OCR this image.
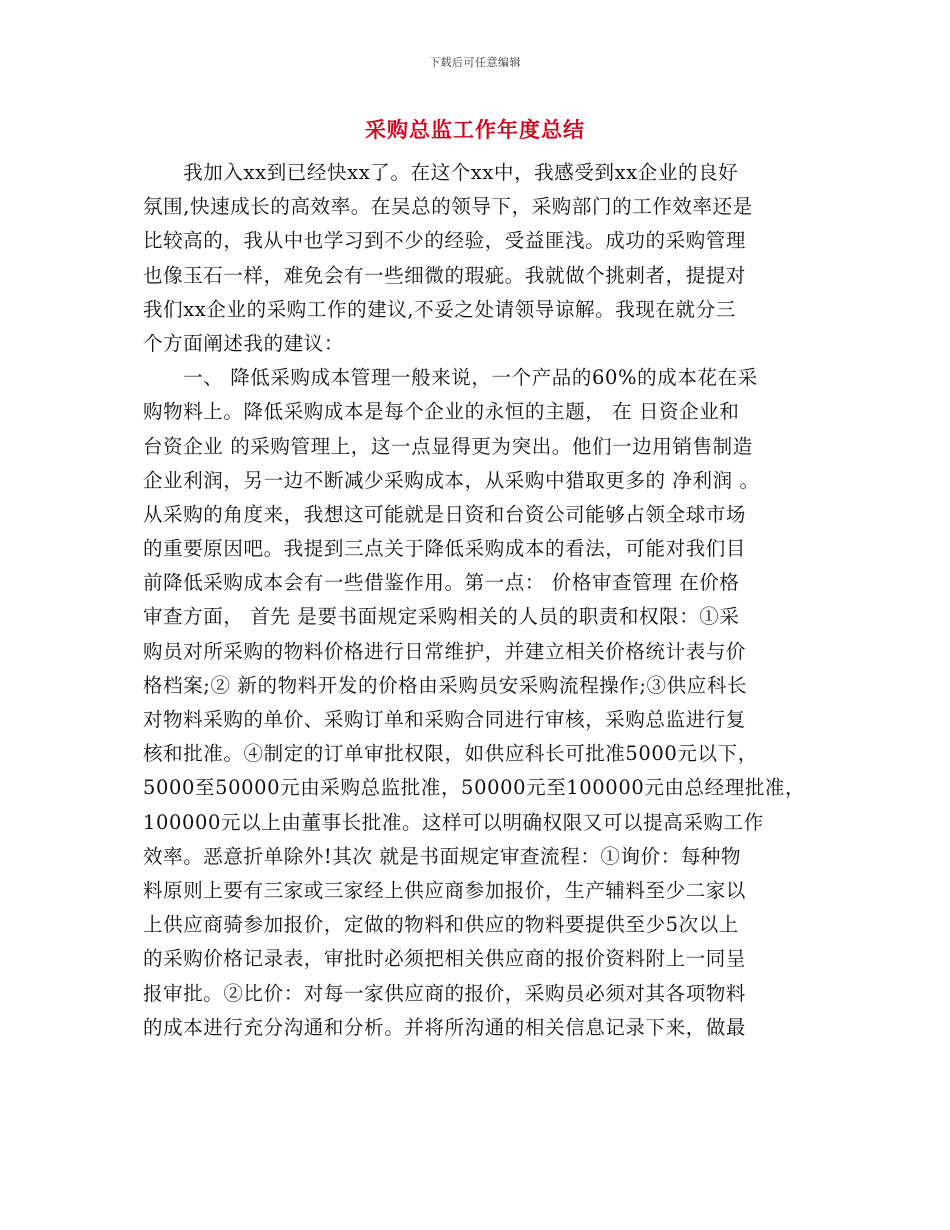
下载后可任意编辑
采购总监工作年度总结
　　我加入xx到已经快xx了。在这个xx中，我感受到xx企业的良好
氛围,快速成长的高效率。在吴总的领导下，采购部门的工作效率还是
比较高的，我从中也学习到不少的经验，受益匪浅。成功的采购管理
也像玉石一样，难免会有一些细微的瑕疵。我就做个挑刺者，提提对
我们xx企业的采购工作的建议,不妥之处请领导谅解。我现在就分三
个方面阐述我的建议：
　　一、 降低采购成本管理一般来说，一个产品的60%的成本花在采
购物料上。降低采购成本是每个企业的永恒的主题， 在 日资企业和
台资企业 的采购管理上，这一点显得更为突出。他们一边用销售制造
企业利润，另一边不断减少采购成本，从采购中猎取更多的 净利润 。
从采购的角度来，我想这可能就是日资和台资公司能够占领全球市场
的重要原因吧。我提到三点关于降低采购成本的看法，可能对我们目
前降低采购成本会有一些借鉴作用。第一点： 价格审查管理 在价格
审查方面， 首先 是要书面规定采购相关的人员的职责和权限：①采
购员对所采购的物料价格进行日常维护，并建立相关价格统计表与价
格档案;② 新的物料开发的价格由采购员安采购流程操作;③供应科长
对物料采购的单价、采购订单和采购合同进行审核，采购总监进行复
核和批准。④制定的订单审批权限，如供应科长可批准5000元以下，
5000至50000元由采购总监批准，50000元至100000元由总经理批准，
100000元以上由董事长批准。这样可以明确权限又可以提高采购工作
效率。恶意折单除外!其次 就是书面规定审查流程：①询价：每种物
料原则上要有三家或三家经上供应商参加报价，生产辅料至少二家以
上供应商骑参加报价，定做的物料和供应的物料要提供至少5次以上
的采购价格记录表，审批时必须把相关供应商的报价资料附上一同呈
报审批。②比价：对每一家供应商的报价，采购员必须对其各项物料
的成本进行充分沟通和分析。并将所沟通的相关信息记录下来，做最
